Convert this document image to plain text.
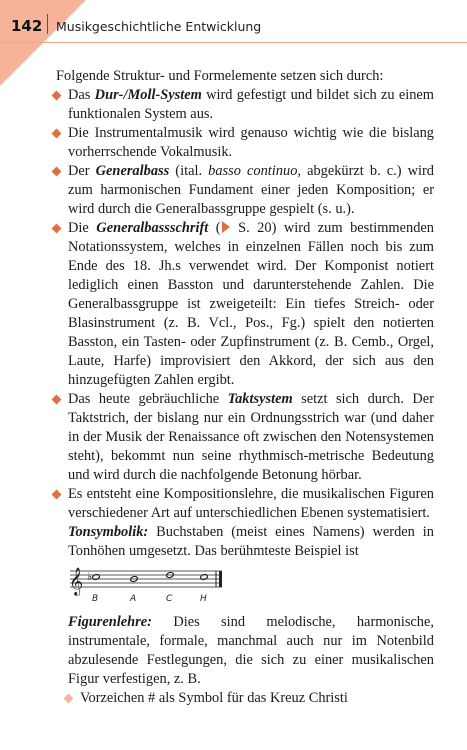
142 Musikgeschichtliche Entwicklung

Folgende Struktur- und Formelemente setzen sich durch:

Das Dur-/Moll-System wird gefestigt und bildet sich zu einem funktionalen System aus.
Die Instrumentalmusik wird genauso wichtig wie die bislang vorherrschende Vokalmusik.
Der Generalbass (ital. basso continuo, abgekürzt b. c.) wird zum harmonischen Fundament einer jeden Komposition; er wird durch die Generalbassgruppe gespielt (s. u.).
Die Generalbassschrift ( S. 20) wird zum bestimmenden Notationssystem, welches in einzelnen Fällen noch bis zum Ende des 18. Jh.s verwendet wird. Der Komponist notiert lediglich einen Basston und darunterstehende Zahlen. Die Generalbassgruppe ist zweigeteilt: Ein tiefes Streich- oder Blasinstrument (z. B. Vcl., Pos., Fg.) spielt den notierten Basston, ein Tasten- oder Zupfinstrument (z. B. Cemb., Orgel, Laute, Harfe) improvisiert den Akkord, der sich aus den hinzugefügten Zahlen ergibt.
Das heute gebräuchliche Taktsystem setzt sich durch. Der Taktstrich, der bislang nur ein Ordnungsstrich war (und daher in der Musik der Renaissance oft zwischen den Notensystemen steht), bekommt nun seine rhythmisch-metrische Bedeutung und wird durch die nachfolgende Betonung hörbar.
Es entsteht eine Kompositionslehre, die musikalischen Figuren verschiedener Art auf unterschiedlichen Ebenen systematisiert.

Tonsymbolik: Buchstaben (meist eines Namens) werden in Tonhöhen umgesetzt. Das berühmteste Beispiel ist

𝄞 ♭
B	A	C	H

Figurenlehre: Dies sind melodische, harmonische, instrumentale, formale, manchmal auch nur im Notenbild abzulesende Festlegungen, die sich zu einer musikalischen Figur verfestigen, z. B.

Vorzeichen # als Symbol für das Kreuz Christi
